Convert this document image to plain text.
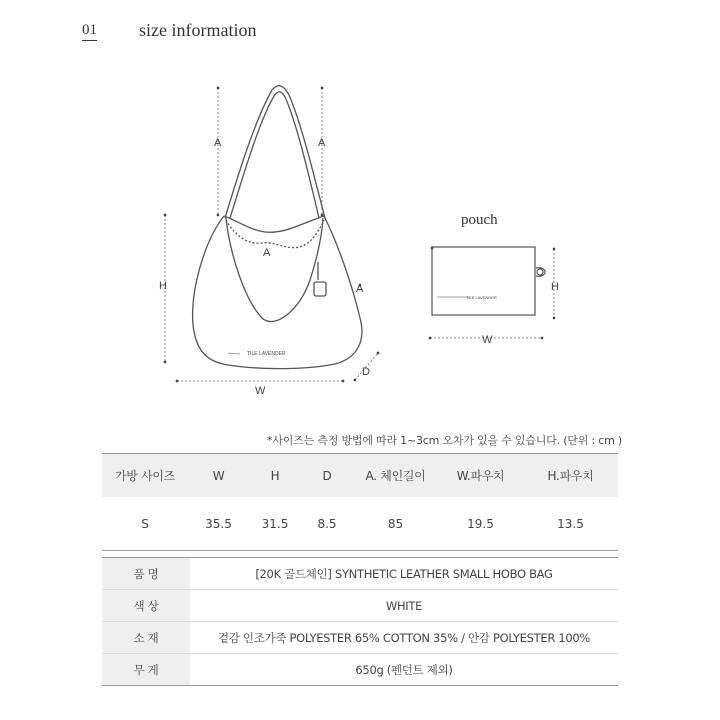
01 size information
TILE LAVENDER
A	A
A
A
H
W
D
pouch
TILE LAVENDER
H
W
*사이즈는 측정 방법에 따라 1~3cm 오차가 있을 수 있습니다. (단위 : cm )
가방 사이즈	W	H	D	A. 체인길이	W.파우치	H.파우치
S	35.5	31.5	8.5	85	19.5	13.5
품 명	[20K 골드체인] SYNTHETIC LEATHER SMALL HOBO BAG
색 상	WHITE
소 재	겉감 인조가죽 POLYESTER 65% COTTON 35% / 안감 POLYESTER 100%
무 게	650g (펜던트 제외)
